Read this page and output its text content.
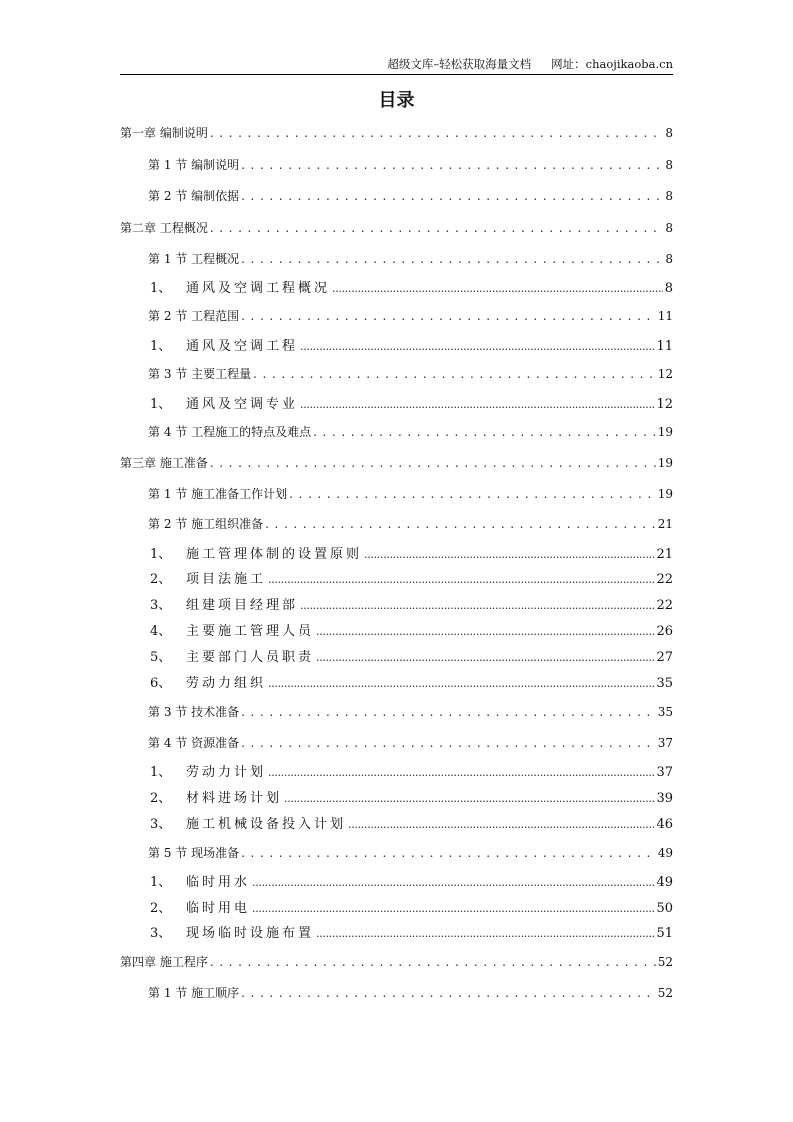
超级文库–轻松获取海量文档 网址：chaojikaoba.cn
目录
第一章 编制说明 . . .	8
第 1 节 编制说明 . . .	8
第 2 节 编制依据 . . .	8
第二章 工程概况 . . .	8
第 1 节 工程概况 . . .	8
1、 通风及空调工程概况 .....	8
第 2 节 工程范围 . . .	11
1、 通风及空调工程 .....	11
第 3 节 主要工程量 . . .	12
1、 通风及空调专业 .....	12
第 4 节 工程施工的特点及难点 . . .	19
第三章 施工准备 . . .	19
第 1 节 施工准备工作计划 . . .	19
第 2 节 施工组织准备 . . .	21
1、 施工管理体制的设置原则 .....	21
2、 项目法施工 .....	22
3、 组建项目经理部 .....	22
4、 主要施工管理人员 .....	26
5、 主要部门人员职责 .....	27
6、 劳动力组织 .....	35
第 3 节 技术准备 . . .	35
第 4 节 资源准备 . . .	37
1、 劳动力计划 .....	37
2、 材料进场计划 .....	39
3、 施工机械设备投入计划 .....	46
第 5 节 现场准备 . . .	49
1、 临时用水 .....	49
2、 临时用电 .....	50
3、 现场临时设施布置 .....	51
第四章 施工程序 . . .	52
第 1 节 施工顺序 . . .	52
